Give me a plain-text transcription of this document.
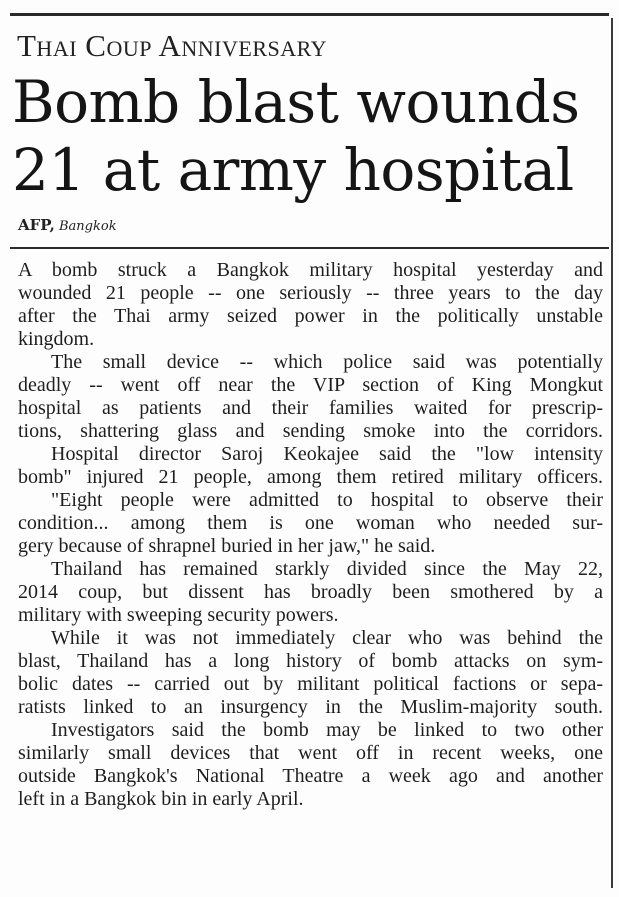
Thai Coup Anniversary
Bomb blast wounds
21 at army hospital
AFP, Bangkok
A bomb struck a Bangkok military hospital yesterday and
wounded 21 people -- one seriously -- three years to the day
after the Thai army seized power in the politically unstable
kingdom.
The small device -- which police said was potentially
deadly -- went off near the VIP section of King Mongkut
hospital as patients and their families waited for prescrip-
tions, shattering glass and sending smoke into the corridors.
Hospital director Saroj Keokajee said the "low intensity
bomb" injured 21 people, among them retired military officers.
"Eight people were admitted to hospital to observe their
condition... among them is one woman who needed sur-
gery because of shrapnel buried in her jaw," he said.
Thailand has remained starkly divided since the May 22,
2014 coup, but dissent has broadly been smothered by a
military with sweeping security powers.
While it was not immediately clear who was behind the
blast, Thailand has a long history of bomb attacks on sym-
bolic dates -- carried out by militant political factions or sepa-
ratists linked to an insurgency in the Muslim-majority south.
Investigators said the bomb may be linked to two other
similarly small devices that went off in recent weeks, one
outside Bangkok's National Theatre a week ago and another
left in a Bangkok bin in early April.
